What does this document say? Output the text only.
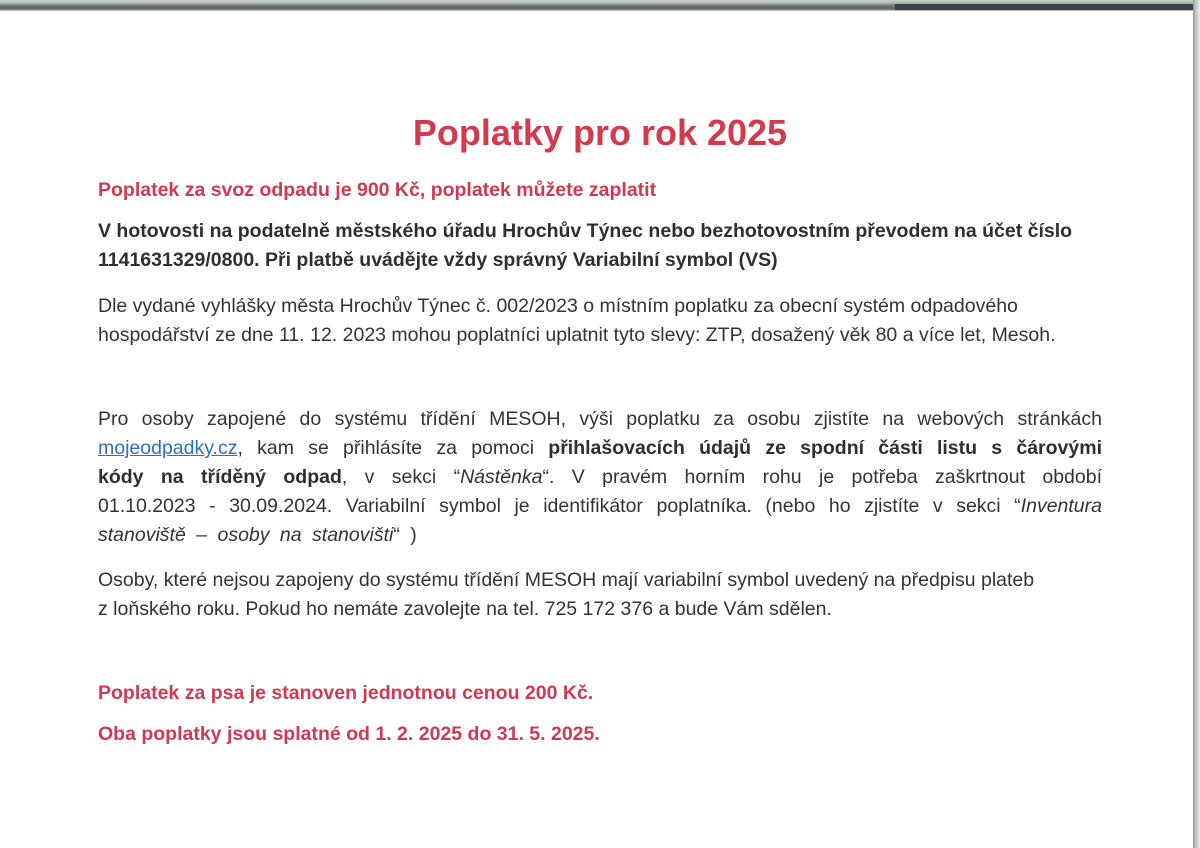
Poplatky pro rok 2025

Poplatek za svoz odpadu je 900 Kč, poplatek můžete zaplatit

V hotovosti na podatelně městského úřadu Hrochův Týnec nebo bezhotovostním převodem na účet číslo
1141631329/0800. Při platbě uvádějte vždy správný Variabilní symbol (VS)
Dle vydané vyhlášky města Hrochův Týnec č. 002/2023 o místním poplatku za obecní systém odpadového
hospodářství ze dne 11. 12. 2023 mohou poplatníci uplatnit tyto slevy: ZTP, dosažený věk 80 a více let, Mesoh.

Pro osoby zapojené do systému třídění MESOH, výši poplatku za osobu zjistíte na webových stránkách mojeodpadky.cz, kam se přihlásíte za pomoci přihlašovacích údajů ze spodní části listu s čárovými kódy na tříděný odpad, v sekci “Nástěnka“. V pravém horním rohu je potřeba zaškrtnout období 01.10.2023 - 30.09.2024. Variabilní symbol je identifikátor poplatníka. (nebo ho zjistíte v sekci “Inventura stanoviště – osoby na stanovišti“ )

Osoby, které nejsou zapojeny do systému třídění MESOH mají variabilní symbol uvedený na předpisu plateb
z loňského roku. Pokud ho nemáte zavolejte na tel. 725 172 376 a bude Vám sdělen.

Poplatek za psa je stanoven jednotnou cenou 200 Kč.

Oba poplatky jsou splatné od 1. 2. 2025 do 31. 5. 2025.
